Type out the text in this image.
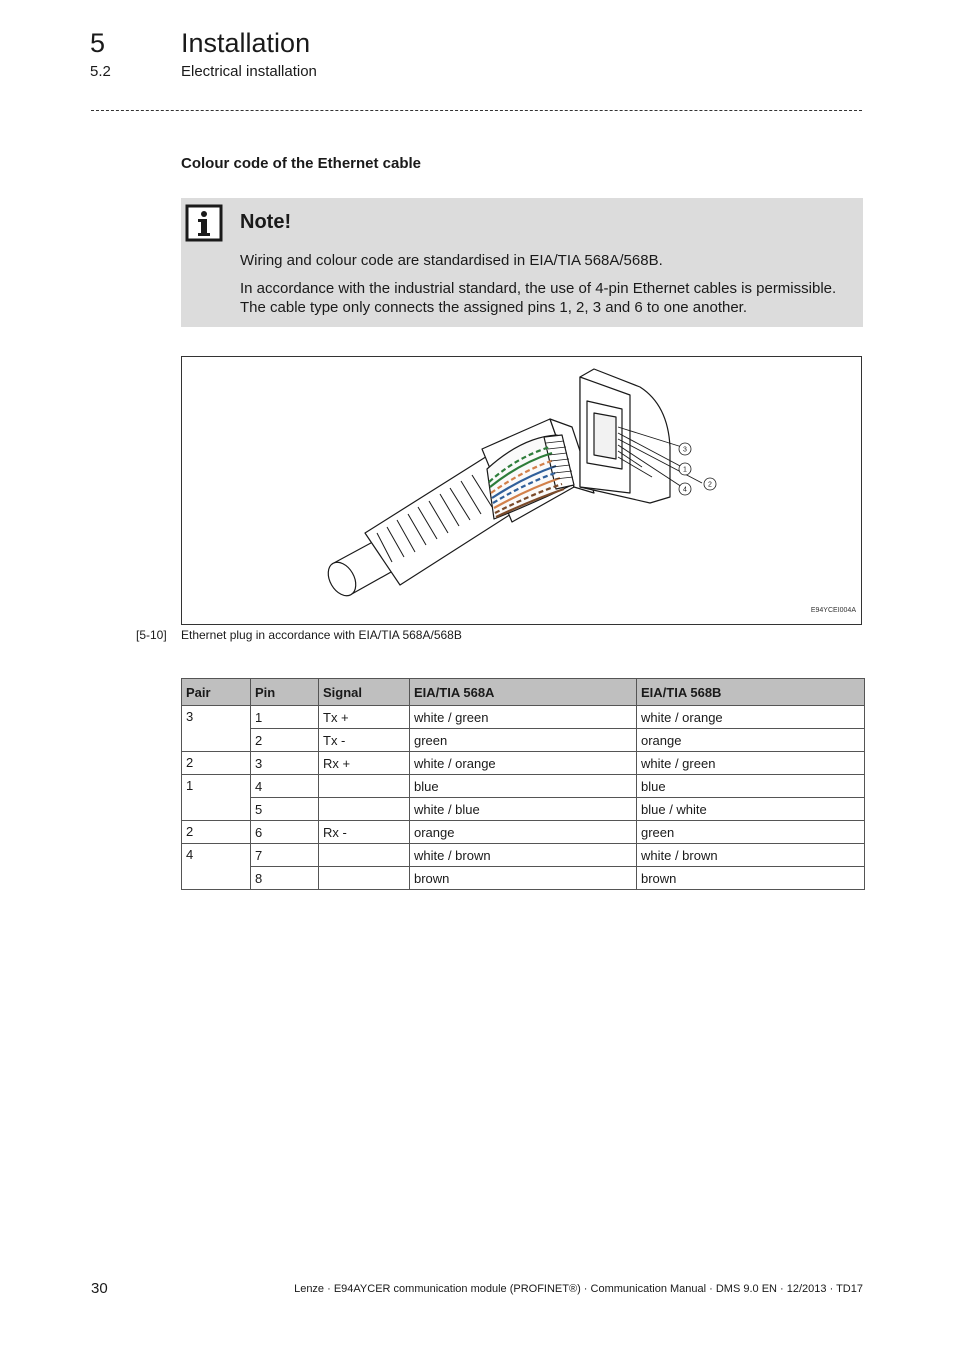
5	Installation
5.2	Electrical installation
Colour code of the Ethernet cable
Note!
Wiring and colour code are standardised in EIA/TIA 568A/568B.
In accordance with the industrial standard, the use of 4-pin Ethernet cables is permissible. The cable type only connects the assigned pins 1, 2, 3 and 6 to one another.
3
1
4
2
E94YCEI004A
[5-10] Ethernet plug in accordance with EIA/TIA 568A/568B
Pair	Pin	Signal	EIA/TIA 568A	EIA/TIA 568B
3	1	Tx +	white / green	white / orange
	2	Tx -	green	orange
2	3	Rx +	white / orange	white / green
1	4		blue	blue
	5		white / blue	blue / white
2	6	Rx -	orange	green
4	7		white / brown	white / brown
	8		brown	brown
30	Lenze · E94AYCER communication module (PROFINET®) · Communication Manual · DMS 9.0 EN · 12/2013 · TD17
